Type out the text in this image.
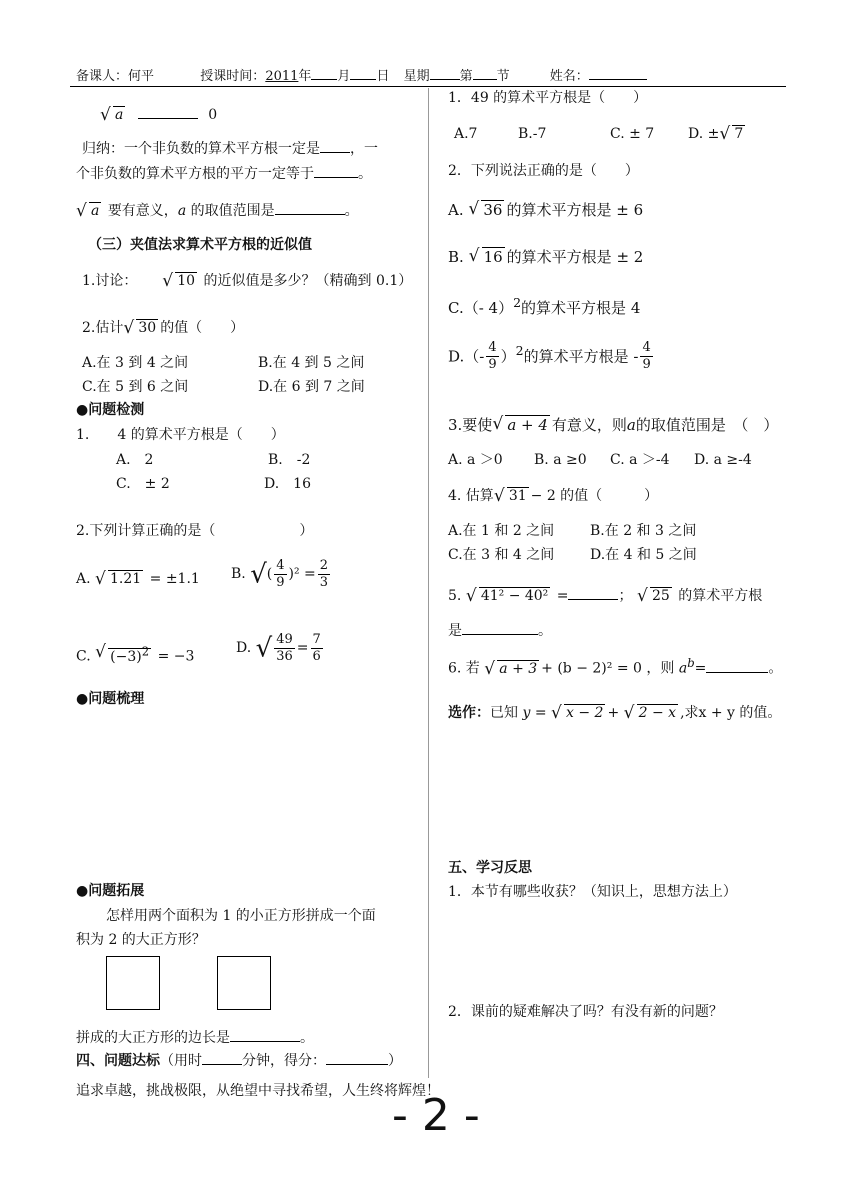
备课人：何平	授课时间：2011年 月 日 星期 第 节	姓名：
√ a	0
归纳：一个非负数的算术平方根一定是 ，一
个非负数的算术平方根的平方一定等于	。
√ a 要有意义，a 的取值范围是	。
（三）夹值法求算术平方根的近似值
1.讨论：	√ 10 的近似值是多少？（精确到 0.1）
2.估计 √ 30 的值（　　）
A.在 3 到 4 之间	B.在 4 到 5 之间
C.在 5 到 6 之间	D.在 6 到 7 之间
●问题检测
1.　　4 的算术平方根是（　　）
A.　2	B.　-2
C.　± 2	D.　16
2.下列计算正确的是（　　　　　　）
A. √ 1.21 = ±1.1 B. √( $\frac{4}{9} )^2 = \frac{2}{3}$
C. √ $(-3)^2 = -3$
D. √ $\frac{49}{36} = \frac{7}{6}$
●问题梳理
●问题拓展
怎样用两个面积为 1 的小正方形拼成一个面
积为 2 的大正方形？
拼成的大正方形的边长是	。
四、问题达标（用时	分钟，得分：	）
1．49 的算术平方根是（　　）
A.7	B.-7	C. ± 7 D. ± √ 7
2．下列说法正确的是（　　）
A. √ 36 的算术平方根是 ± 6
B. √ 16 的算术平方根是 ± 2
C.（- 4）$^2$的算术平方根是 4
$D.(- \frac{4}{9} )^2$的算术平方根是 - $\frac{4}{9}$
3.要使 √ a + 4 有意义，则a的取值范围是　（　）
A. a ＞0 B. a ≥0 C. a ＞-4 D. a ≥-4
4. 估算 √ 31 − 2 的值（　　　）
A.在 1 和 2 之间	B.在 2 和 3 之间
C.在 3 和 4 之间	D.在 4 和 5 之间
5. √ 41² − 40² =	； √ 25 的算术平方根
是	。
6. 若 √ a + 3 + (b − 2)² = 0 ，则 $a^b=$	。
选作：已知 y = √ x − 2 + √ 2 − x ,求x + y 的值。
五、学习反思
1．本节有哪些收获？（知识上，思想方法上）
2．课前的疑难解决了吗？有没有新的问题？
追求卓越，挑战极限，从绝望中寻找希望，人生终将辉煌！
- 2 -
